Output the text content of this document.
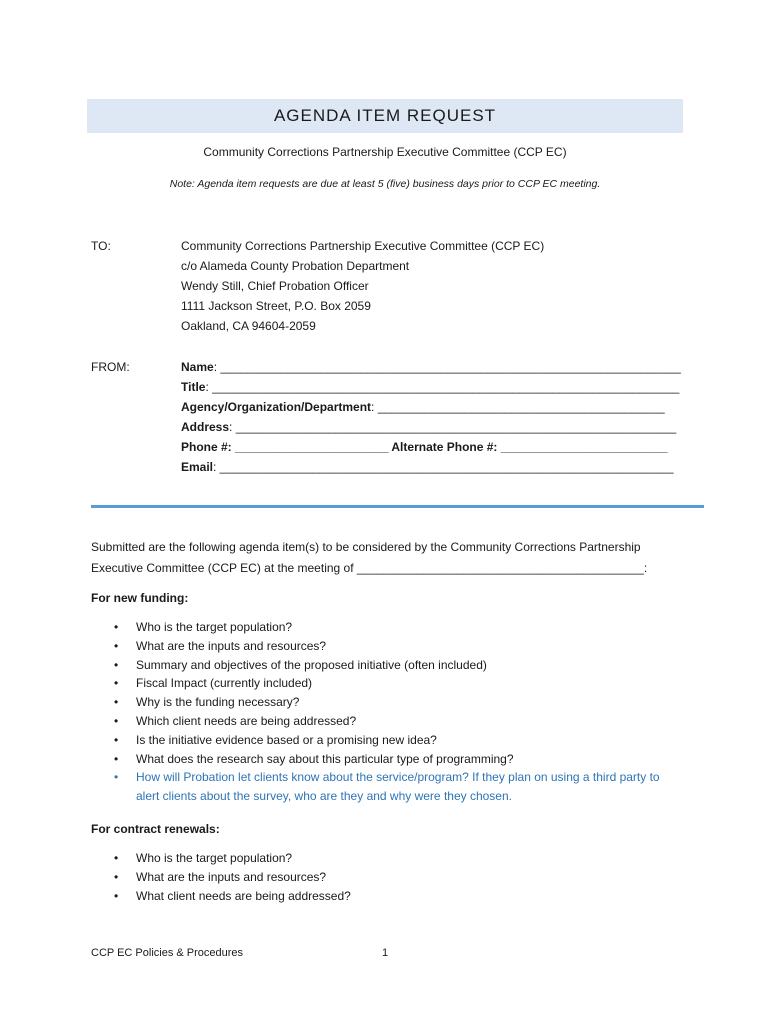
AGENDA ITEM REQUEST
Community Corrections Partnership Executive Committee (CCP EC)
Note: Agenda item requests are due at least 5 (five) business days prior to CCP EC meeting.
TO:	Community Corrections Partnership Executive Committee (CCP EC)
c/o Alameda County Probation Department
Wendy Still, Chief Probation Officer
1111 Jackson Street, P.O. Box 2059
Oakland, CA 94604-2059
FROM:	Name: _____________________________________________________________________
Title: ______________________________________________________________________
Agency/Organization/Department: ___________________________________________
Address: __________________________________________________________________
Phone #: _______________________ Alternate Phone #: _________________________
Email: ____________________________________________________________________
Submitted are the following agenda item(s) to be considered by the Community Corrections Partnership
Executive Committee (CCP EC) at the meeting of ___________________________________________:
For new funding:
• Who is the target population?
• What are the inputs and resources?
• Summary and objectives of the proposed initiative (often included)
• Fiscal Impact (currently included)
• Why is the funding necessary?
• Which client needs are being addressed?
• Is the initiative evidence based or a promising new idea?
• What does the research say about this particular type of programming?
• How will Probation let clients know about the service/program? If they plan on using a third party to alert clients about the survey, who are they and why were they chosen.
For contract renewals:
• Who is the target population?
• What are the inputs and resources?
• What client needs are being addressed?
CCP EC Policies & Procedures	1
